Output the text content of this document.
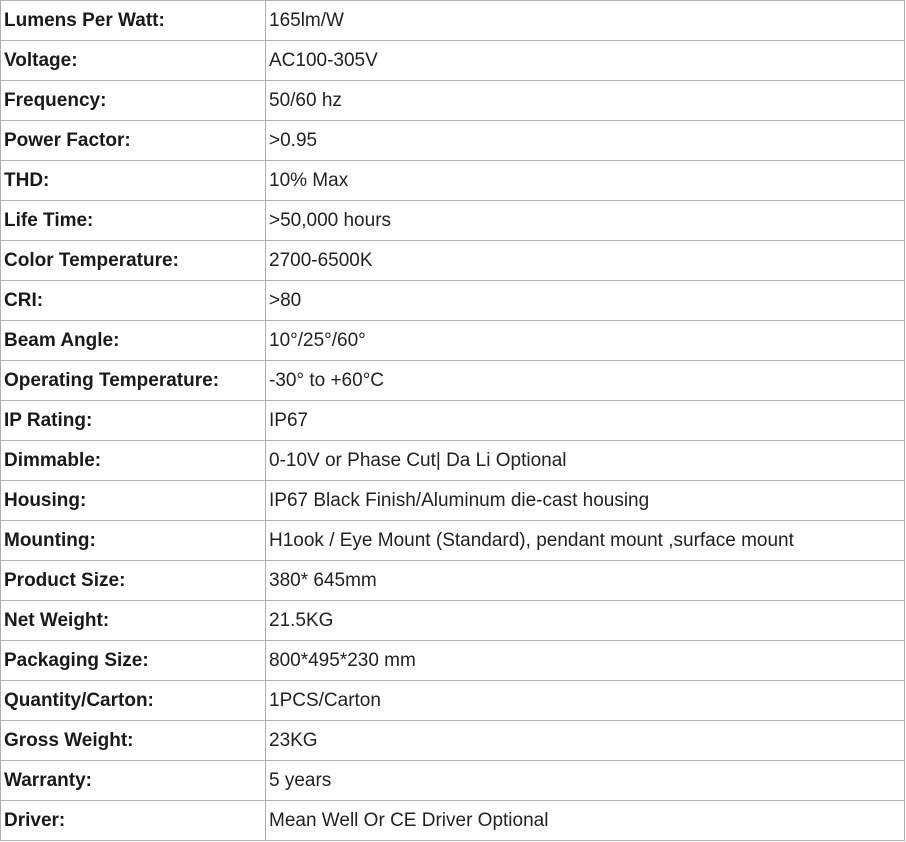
Lumens Per Watt:	165lm/W
Voltage:	AC100-305V
Frequency:	50/60 hz
Power Factor:	>0.95
THD:	10% Max
Life Time:	>50,000 hours
Color Temperature:	2700-6500K
CRI:	>80
Beam Angle:	10°/25°/60°
Operating Temperature:	-30° to +60°C
IP Rating:	IP67
Dimmable:	0-10V or Phase Cut| Da Li Optional
Housing:	IP67 Black Finish/Aluminum die-cast housing
Mounting:	H1ook / Eye Mount (Standard), pendant mount ,surface mount
Product Size:	380* 645mm
Net Weight:	21.5KG
Packaging Size:	800*495*230 mm
Quantity/Carton:	1PCS/Carton
Gross Weight:	23KG
Warranty:	5 years
Driver:	Mean Well Or CE Driver Optional
